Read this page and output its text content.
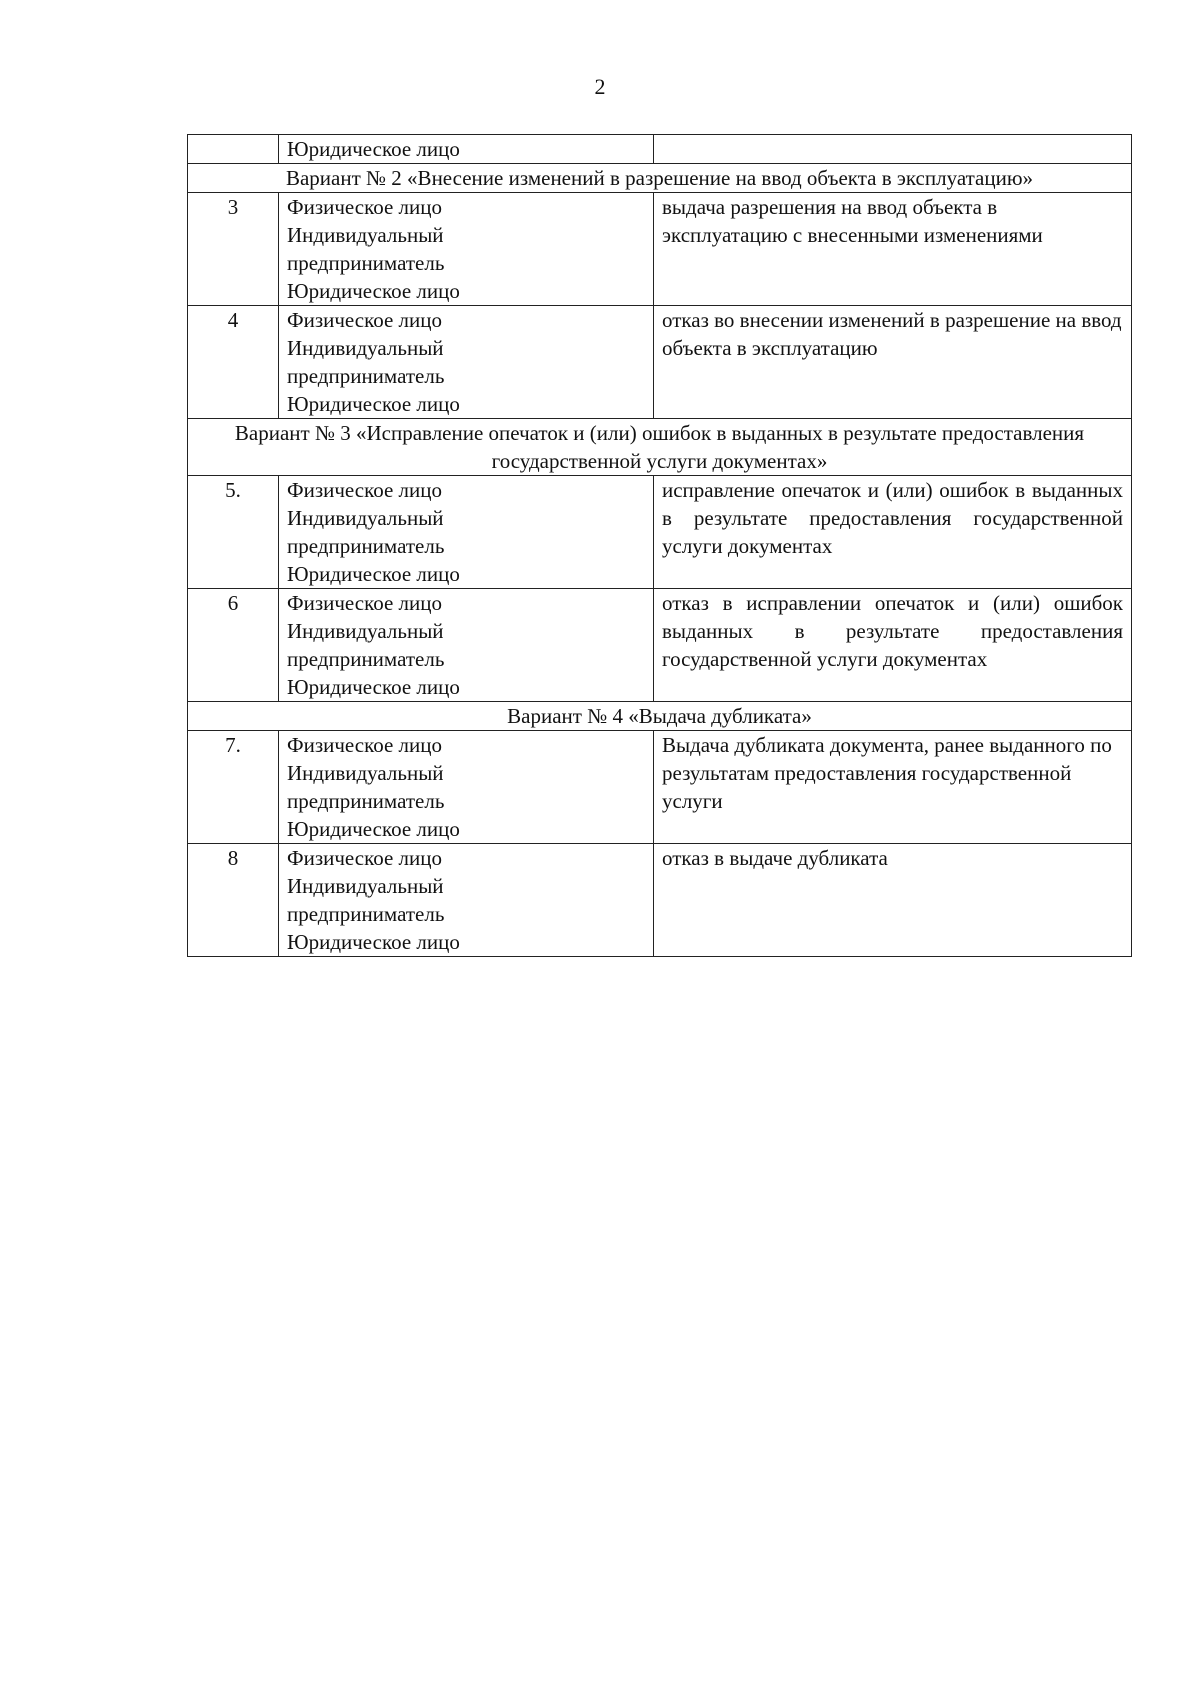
2

	Юридическое лицо	

Вариант № 2 «Внесение изменений в разрешение на ввод объекта в эксплуатацию»		
3	Физическое лицо
Индивидуальный
предприниматель
Юридическое лицо	выдача разрешения на ввод объекта в эксплуатацию с внесенными изменениями
4	Физическое лицо
Индивидуальный
предприниматель
Юридическое лицо	отказ во внесении изменений в разрешение на ввод объекта в эксплуатацию
Вариант № 3 «Исправление опечаток и (или) ошибок в выданных в результате предоставления государственной услуги документах»		
5.	Физическое лицо
Индивидуальный
предприниматель
Юридическое лицо	исправление опечаток и (или) ошибок в выданных в результате предоставления государственной услуги документах
6	Физическое лицо
Индивидуальный
предприниматель
Юридическое лицо	отказ в исправлении опечаток и (или) ошибок выданных в результате предоставления государственной услуги документах
Вариант № 4 «Выдача дубликата»		
7.	Физическое лицо
Индивидуальный
предприниматель
Юридическое лицо	Выдача дубликата документа, ранее выданного по результатам предоставления государственной услуги
8	Физическое лицо
Индивидуальный
предприниматель
Юридическое лицо	отказ в выдаче дубликата
